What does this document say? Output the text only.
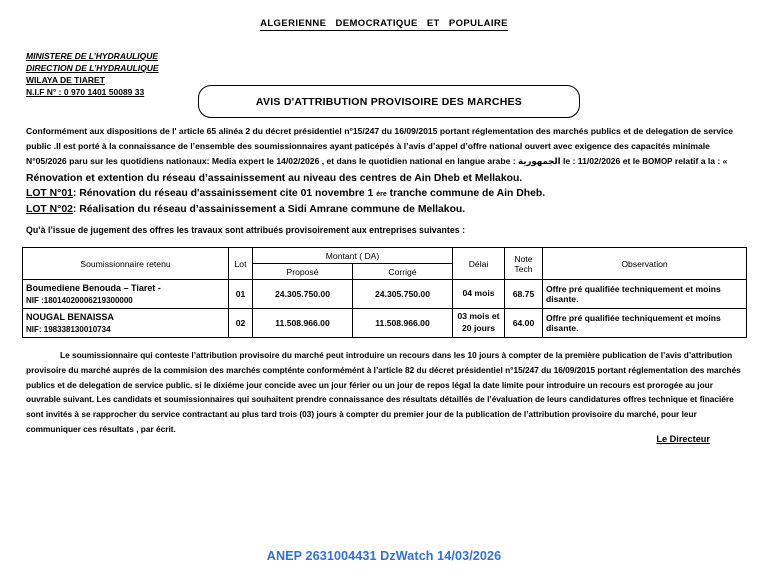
ALGERIENNE   DEMOCRATIQUE   ET   POPULAIRE
MINISTERE DE L’HYDRAULIQUE
DIRECTION DE L’HYDRAULIQUE
WILAYA DE TIARET
N.I.F N° : 0 970 1401 50089 33
AVIS D'ATTRIBUTION PROVISOIRE DES MARCHES
Conformément aux dispositions de l' article 65 alinéa 2 du décret présidentiel n°15/247 du 16/09/2015 portant réglementation des marchés publics et de delegation de service public .Il est porté à la connaissance de l’ensemble des soumissionnaires ayant paticépés à l’avis d’appel d’offre national ouvert avec exigence des capacités minimale N°05/2026 paru sur les quotidiens nationaux: Media expert le 14/02/2026 , et dans le quotidien national en langue arabe : الجمهورية le : 11/02/2026 et le BOMOP relatif a la : « Rénovation et extention du réseau d’assainissement au niveau des centres de Ain Dheb et Mellakou.
LOT N°01: Rénovation du réseau d'assainissement cite 01 novembre 1 ére tranche commune de Ain Dheb.
LOT N°02: Réalisation du réseau d’assainissement a Sidi Amrane commune de Mellakou.
Qu’à l’issue de jugement des offres les travaux sont attribués provisoirement aux entreprises suivantes :
Soumissionnaire retenu	Lot	Montant ( DA)		Délai	Note
Tech	Observation
		Proposé	Corrigé			

Boumediene Benouda – Tiaret -
NIF :18014020006219300000	01	24.305.750.00	24.305.750.00	04 mois	68.75	Offre pré qualifiée techniquement et moins disante.

NOUGAL BENAISSA
NIF: 198338130010734
	02	11.508.966.00	11.508.966.00	03 mois et
20 jours	64.00	Offre pré qualifiée techniquement et moins disante.
Le soumissionnaire qui conteste l’attribution provisoire du marché peut introduire un recours dans les 10 jours à compter de la première publication de l’avis d’attribution provisoire du marché auprés de la commision des marchés compténte conformémént à l’article 82 du décret présidentiel n°15/247 du 16/09/2015 portant réglementation des marchés publics et de delegation de service public. si le dixiéme jour concide avec un jour férier ou un jour de repos légal la date limite pour introduire un recours est prorogée au jour ouvrable suivant. Les candidats et soumissionnaires qui souhaitent prendre connaissance des résultats détaillés de l’évaluation de leurs candidatures offres technique et finaciére sont invités à se rapprocher du service contractant au plus tard trois (03) jours à compter du premier jour de la publication de l’attribution provisoire du marché, pour leur communiquer ces résultats , par écrit.
Le Directeur
ANEP 2631004431 DzWatch 14/03/2026
